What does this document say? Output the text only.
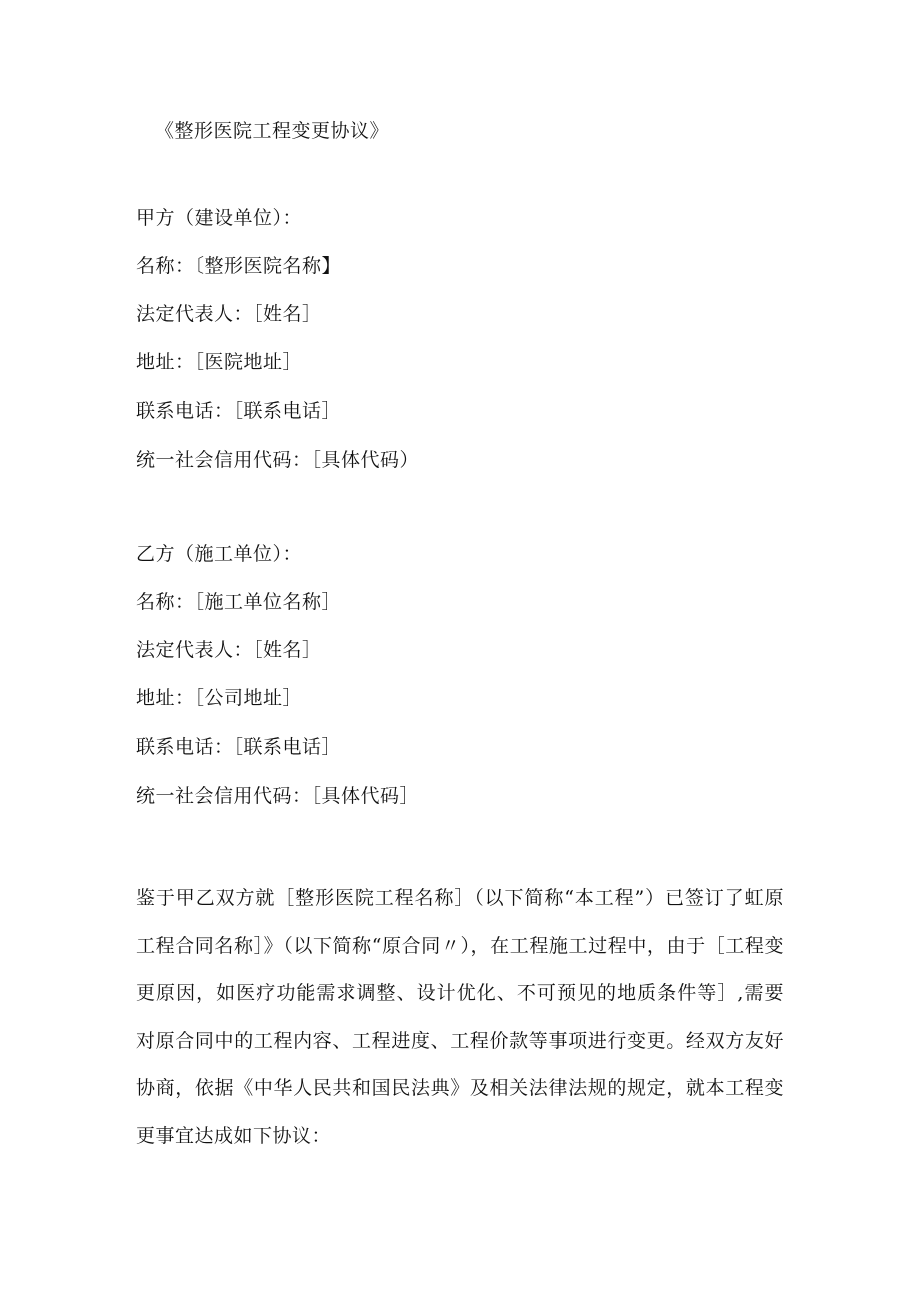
《整形医院工程变更协议》
甲方（建设单位）：
名称：〔整形医院名称】
法定代表人：［姓名］
地址：［医院地址］
联系电话：［联系电话］
统一社会信用代码：［具体代码）
乙方（施工单位）：
名称：［施工单位名称］
法定代表人：［姓名］
地址：［公司地址］
联系电话：［联系电话］
统一社会信用代码：［具体代码］
鉴于甲乙双方就［整形医院工程名称］（以下简称“本工程”）已签订了虹原工程合同名称］》（以下简称“原合同〃），在工程施工过程中，由于［工程变更原因，如医疗功能需求调整、设计优化、不可预见的地质条件等］,需要对原合同中的工程内容、工程进度、工程价款等事项进行变更。经双方友好协商，依据《中华人民共和国民法典》及相关法律法规的规定，就本工程变更事宜达成如下协议：
